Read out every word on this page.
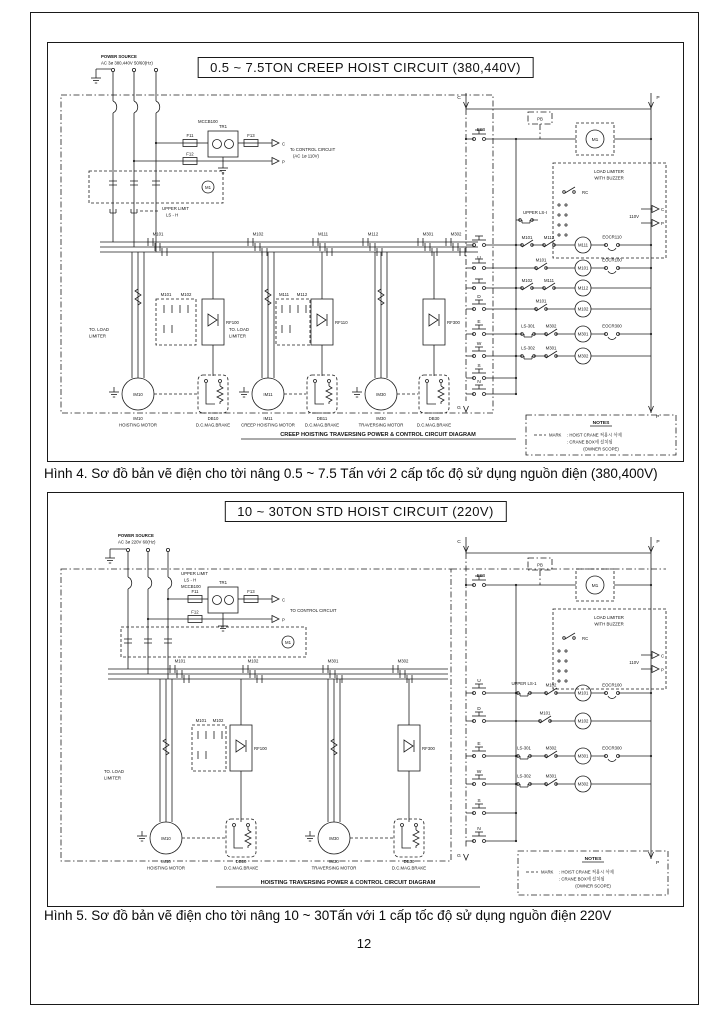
0.5 ~ 7.5TON CREEP HOIST CIRCUIT (380,440V)
POWER SOURCE
AC 3ø 380,440V 50/60(Hz)
MCCB100
TR1
F11	F13
F12
C
P
To CONTROL CIRCUIT
(AC 1ø 110V)
M1
UPPER LIMIT
LS - H
M101	M102	M111	M112	M301	M302
TO. LOAD
LIMITER
TO. LOAD
LIMITER
M101 M102	M111 M112
RF100	RF110	RF300
IM10	IM11	IM30
IM10
HOISTING MOTOR
IM11
CREEP HOISTING MOTOR
IM30
TRAVERSING MOTOR
DB10
D.C.MAG.BRAKE
DB11
D.C.MAG.BRAKE
DB30
D.C.MAG.BRAKE
CREEP HOISTING TRAVERSING POWER & CONTROL CIRCUIT DIAGRAM
C	P
ESB
PB
M1
LOAD LIMITER
WITH BUZZER
RC
110V
C
P
UPPER LS-I
U
D
E
W
S
N
M101	M112
M101
M102	M111
M101
LS-301 M302
LS-302 M301
M111
M101
M112
M102
M301
M302
EOCR110
EOCR100
EOCR300
G
P
NOTES
MARK : HOIST CRANE 적용시 삭제
: CRANE BOX에 설치됨
(OWNER SCOPE)
Hình 4. Sơ đồ bản vẽ điện cho tời nâng 0.5 ~ 7.5 Tấn với 2 cấp tốc độ sử dụng nguồn điện (380,400V)
10 ~ 30TON STD HOIST CIRCUIT (220V)
POWER SOURCE
AC 3ø 220V 60(Hz)
UPPER LIMIT
LS - H
MCCB100
TR1
F11	F13
F12
C
P
TO CONTROL CIRCUIT
M1
M101	M102	M301	M302
M101 M102
RF100	RF300
TO. LOAD
LIMITER
IM10	IM30
IM10
HOISTING MOTOR
IM30
TRAVERSING MOTOR
DB10
D.C.MAG.BRAKE
DB30
D.C.MAG.BRAKE
HOISTING TRAVERSING POWER & CONTROL CIRCUIT DIAGRAM
C	P
ESB
PB
M1
LOAD LIMITER
WITH BUZZER
RC
110V
C
P
U
D
E
W
S
N
UPPER LS-1 M102
M101
LS-301	M302
LS-302	M301
M101
M102
M301
M302
EOCR100
EOCR300
G
P
NOTES
MARK : HOIST CRANE 적용시 삭제
: CRANE BOX에 설치됨
(OWNER SCOPE)
Hình 5. Sơ đồ bản vẽ điện cho tời nâng 10 ~ 30Tấn với 1 cấp tốc độ sử dụng nguồn điện 220V
12
